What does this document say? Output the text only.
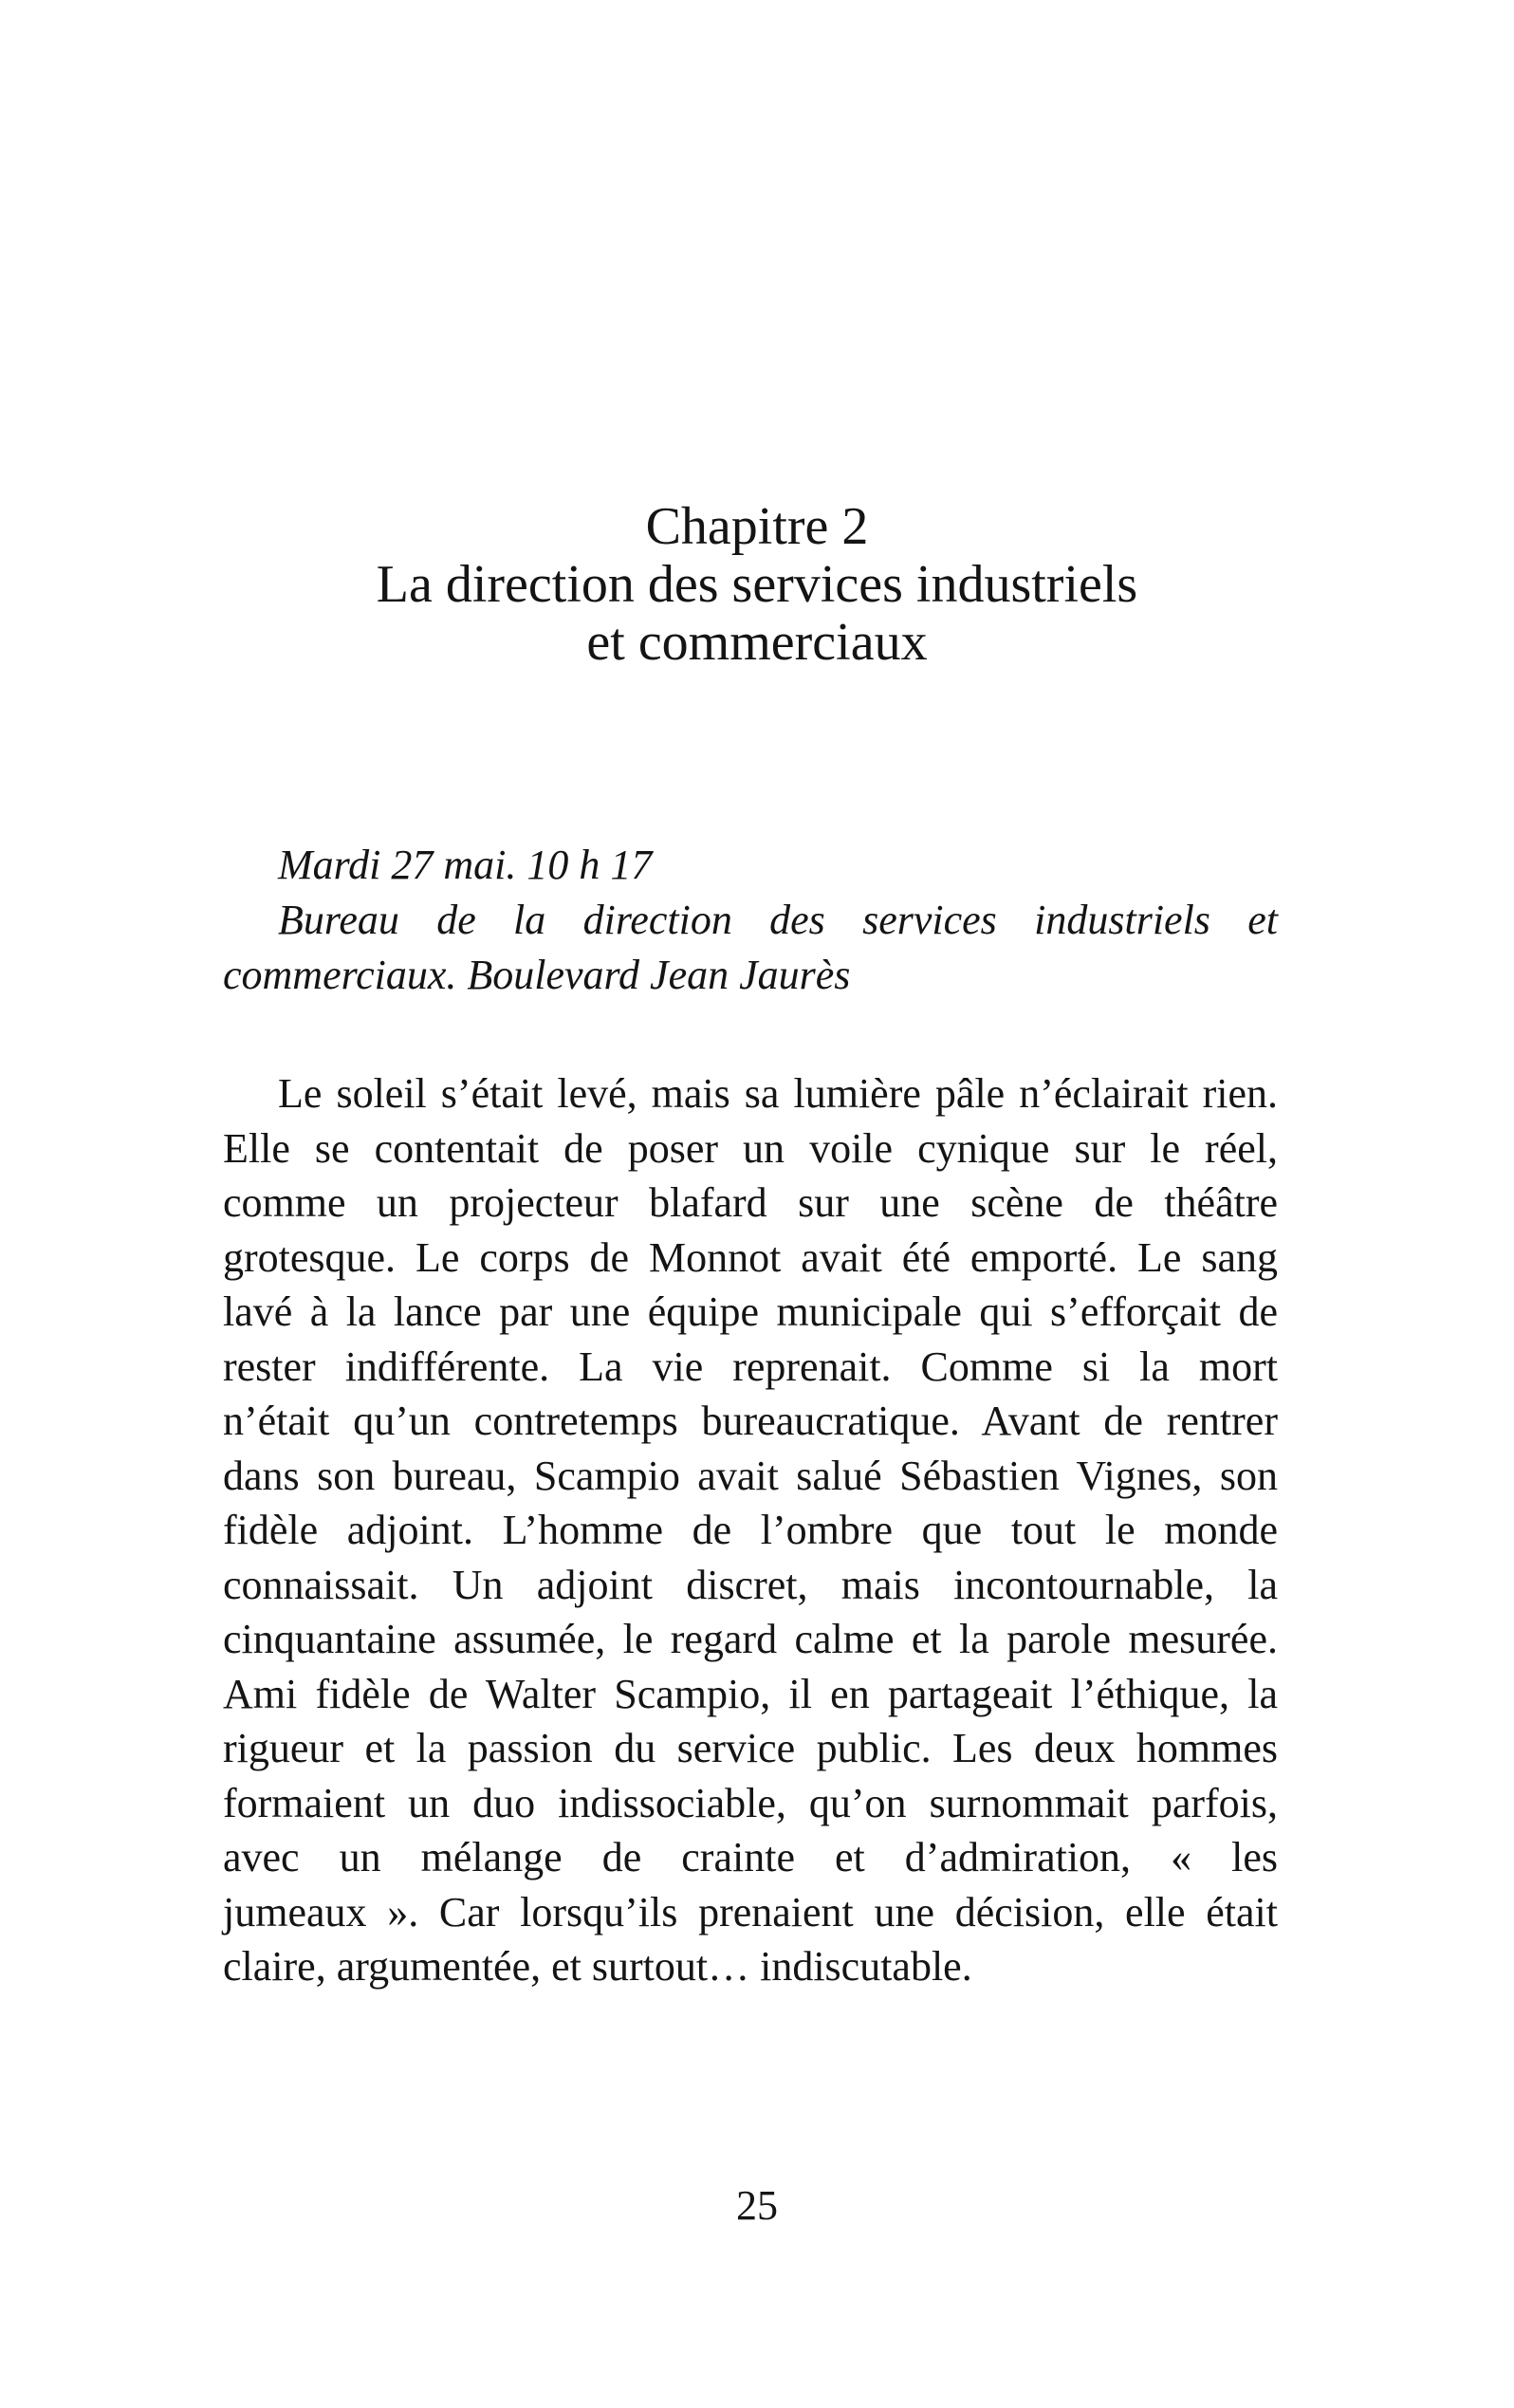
Chapitre 2
La direction des services industriels
et commerciaux
Mardi 27 mai. 10 h 17
Bureau de la direction des services industriels et
commerciaux. Boulevard Jean Jaurès
Le soleil s’était levé, mais sa lumière pâle n’éclairait rien.
Elle se contentait de poser un voile cynique sur le réel,
comme un projecteur blafard sur une scène de théâtre
grotesque. Le corps de Monnot avait été emporté. Le sang
lavé à la lance par une équipe municipale qui s’efforçait de
rester indifférente. La vie reprenait. Comme si la mort
n’était qu’un contretemps bureaucratique. Avant de rentrer
dans son bureau, Scampio avait salué Sébastien Vignes, son
fidèle adjoint. L’homme de l’ombre que tout le monde
connaissait. Un adjoint discret, mais incontournable, la
cinquantaine assumée, le regard calme et la parole mesurée.
Ami fidèle de Walter Scampio, il en partageait l’éthique, la
rigueur et la passion du service public. Les deux hommes
formaient un duo indissociable, qu’on surnommait parfois,
avec un mélange de crainte et d’admiration, « les
jumeaux ». Car lorsqu’ils prenaient une décision, elle était
claire, argumentée, et surtout… indiscutable.
25
